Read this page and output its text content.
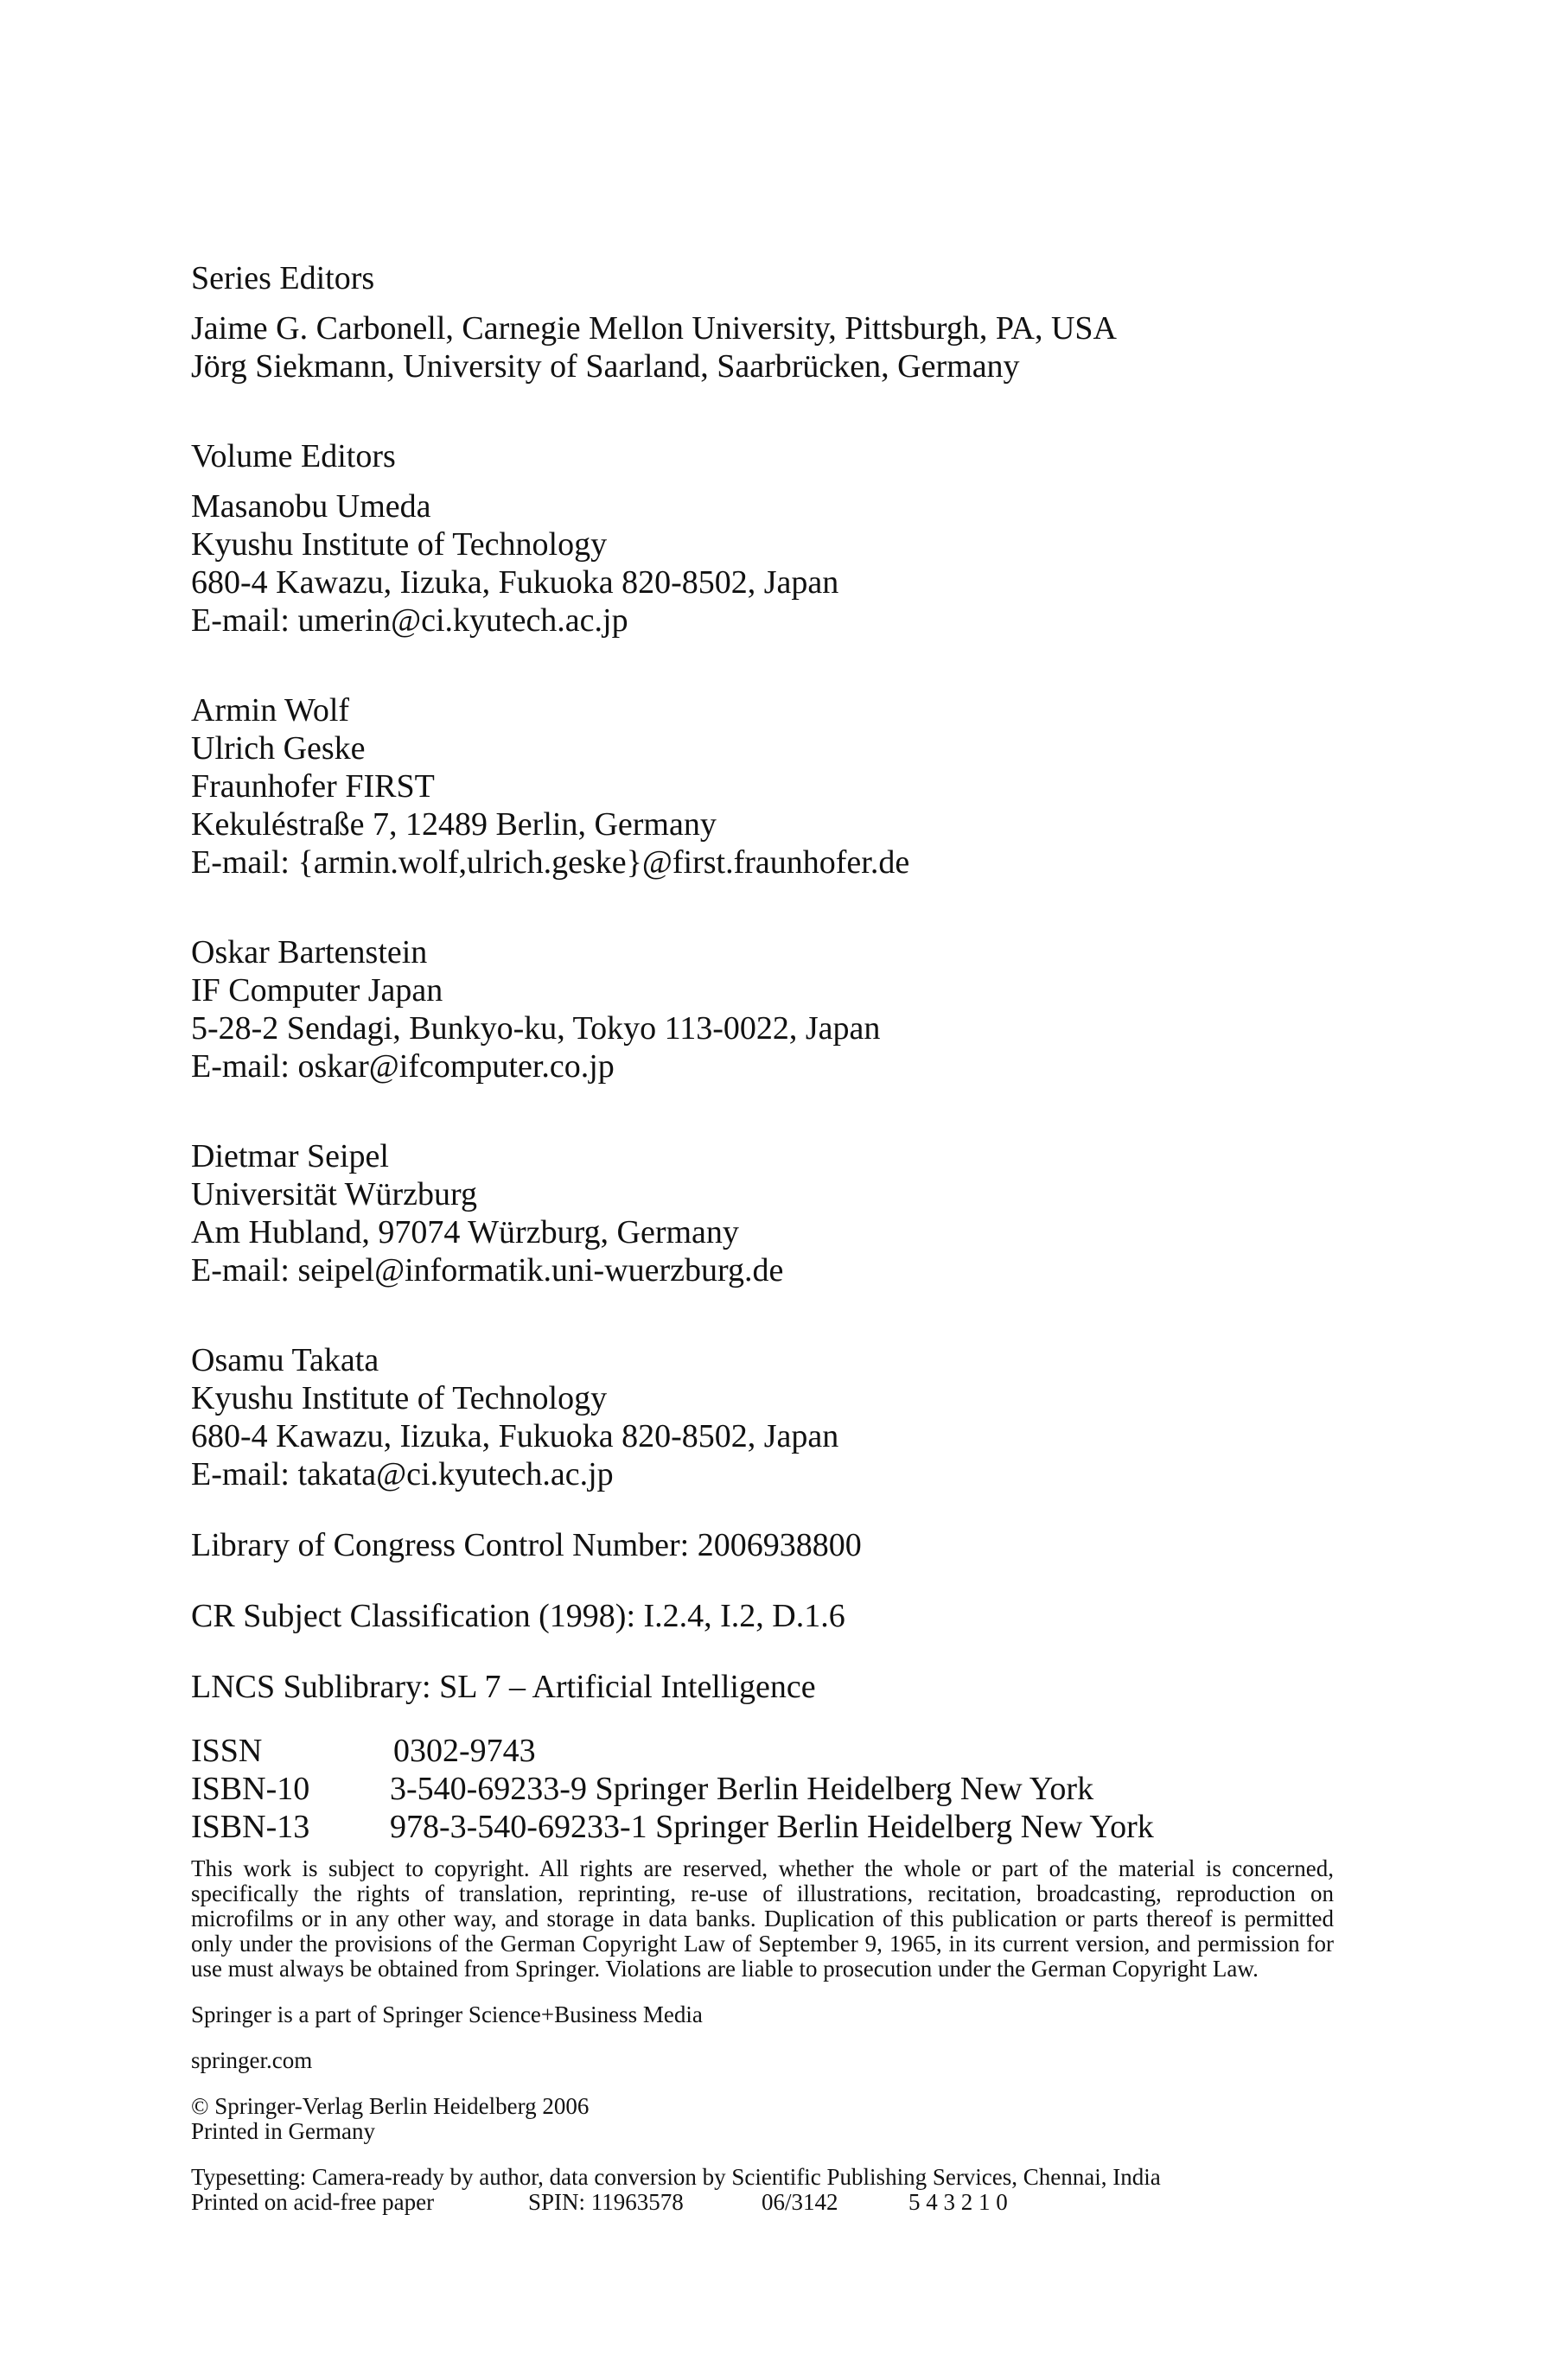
Series Editors
Jaime G. Carbonell, Carnegie Mellon University, Pittsburgh, PA, USA
Jörg Siekmann, University of Saarland, Saarbrücken, Germany
Volume Editors
Masanobu Umeda
Kyushu Institute of Technology
680-4 Kawazu, Iizuka, Fukuoka 820-8502, Japan
E-mail: umerin@ci.kyutech.ac.jp
Armin Wolf
Ulrich Geske
Fraunhofer FIRST
Kekuléstraße 7, 12489 Berlin, Germany
E-mail: {armin.wolf,ulrich.geske}@first.fraunhofer.de
Oskar Bartenstein
IF Computer Japan
5-28-2 Sendagi, Bunkyo-ku, Tokyo 113-0022, Japan
E-mail: oskar@ifcomputer.co.jp
Dietmar Seipel
Universität Würzburg
Am Hubland, 97074 Würzburg, Germany
E-mail: seipel@informatik.uni-wuerzburg.de
Osamu Takata
Kyushu Institute of Technology
680-4 Kawazu, Iizuka, Fukuoka 820-8502, Japan
E-mail: takata@ci.kyutech.ac.jp
Library of Congress Control Number: 2006938800
CR Subject Classification (1998): I.2.4, I.2, D.1.6
LNCS Sublibrary: SL 7 – Artificial Intelligence
ISSN	0302-9743
ISBN-10	3-540-69233-9 Springer Berlin Heidelberg New York
ISBN-13	978-3-540-69233-1 Springer Berlin Heidelberg New York

This work is subject to copyright. All rights are reserved, whether the whole or part of the material is concerned, specifically the rights of translation, reprinting, re-use of illustrations, recitation, broadcasting, reproduction on microfilms or in any other way, and storage in data banks. Duplication of this publication or parts thereof is permitted only under the provisions of the German Copyright Law of September 9, 1965, in its current version, and permission for use must always be obtained from Springer. Violations are liable to prosecution under the German Copyright Law.

Springer is a part of Springer Science+Business Media
springer.com
© Springer-Verlag Berlin Heidelberg 2006
Printed in Germany
Typesetting: Camera-ready by author, data conversion by Scientific Publishing Services, Chennai, India
Printed on acid-free paper	SPIN: 11963578	06/3142	5 4 3 2 1 0
